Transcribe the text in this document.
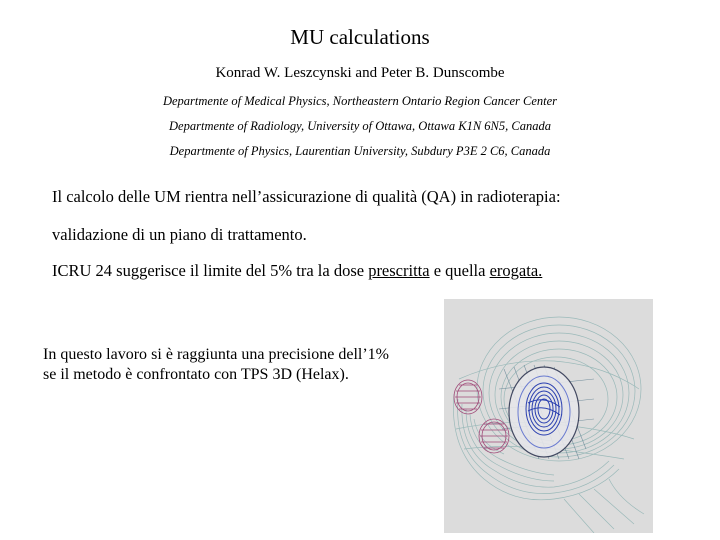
MU calculations
Konrad W. Leszcynski and Peter B. Dunscombe
Departmente of Medical Physics, Northeastern Ontario Region Cancer Center
Departmente of Radiology, University of Ottawa, Ottawa K1N 6N5, Canada
Departmente of Physics, Laurentian University, Subdury P3E 2 C6, Canada
Il calcolo delle UM rientra nell’assicurazione di qualità (QA) in radioterapia:
validazione di un piano di trattamento.
ICRU 24 suggerisce il limite del 5% tra la dose prescritta e quella erogata.
In questo lavoro si è raggiunta una precisione dell’1% se il metodo è confrontato con TPS 3D (Helax).
